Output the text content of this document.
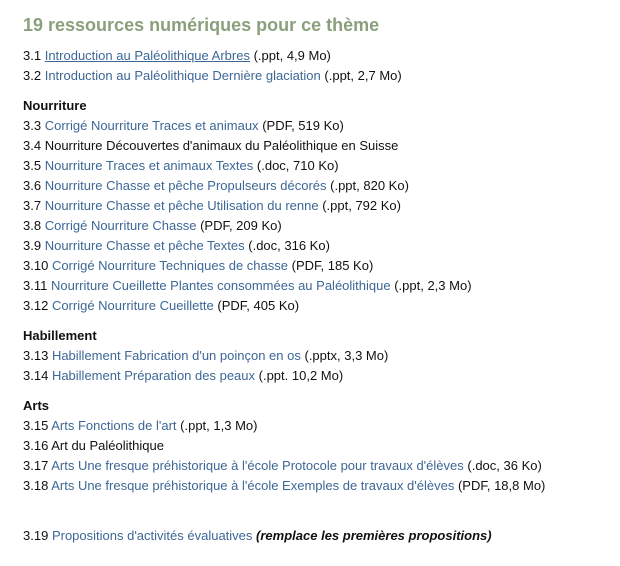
19 ressources numériques pour ce thème
3.1 Introduction au Paléolithique Arbres (.ppt, 4,9 Mo)
3.2 Introduction au Paléolithique Dernière glaciation (.ppt, 2,7 Mo)
Nourriture
3.3 Corrigé Nourriture Traces et animaux (PDF, 519 Ko)
3.4 Nourriture Découvertes d'animaux du Paléolithique en Suisse
3.5 Nourriture Traces et animaux Textes (.doc, 710 Ko)
3.6 Nourriture Chasse et pêche Propulseurs décorés (.ppt, 820 Ko)
3.7 Nourriture Chasse et pêche Utilisation du renne (.ppt, 792 Ko)
3.8 Corrigé Nourriture Chasse (PDF, 209 Ko)
3.9 Nourriture Chasse et pêche Textes (.doc, 316 Ko)
3.10 Corrigé Nourriture Techniques de chasse (PDF, 185 Ko)
3.11 Nourriture Cueillette Plantes consommées au Paléolithique (.ppt, 2,3 Mo)
3.12 Corrigé Nourriture Cueillette (PDF, 405 Ko)
Habillement
3.13 Habillement Fabrication d'un poinçon en os (.pptx, 3,3 Mo)
3.14 Habillement Préparation des peaux (.ppt. 10,2 Mo)
Arts
3.15 Arts Fonctions de l'art (.ppt, 1,3 Mo)
3.16 Art du Paléolithique
3.17 Arts Une fresque préhistorique à l'école Protocole pour travaux d'élèves (.doc, 36 Ko)
3.18 Arts Une fresque préhistorique à l'école Exemples de travaux d'élèves (PDF, 18,8 Mo)
3.19 Propositions d'activités évaluatives (remplace les premières propositions)
